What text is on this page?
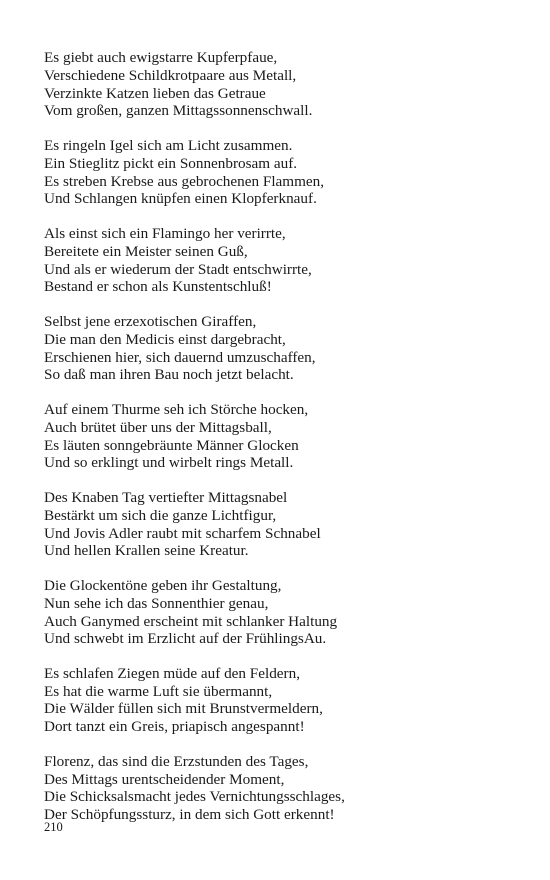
Es giebt auch ewigstarre Kupferpfaue,
Verschiedene Schildkrotpaare aus Metall,
Verzinkte Katzen lieben das Getraue
Vom großen, ganzen Mittagssonnenschwall.
Es ringeln Igel sich am Licht zusammen.
Ein Stieglitz pickt ein Sonnenbrosam auf.
Es streben Krebse aus gebrochenen Flammen,
Und Schlangen knüpfen einen Klopferknauf.
Als einst sich ein Flamingo her verirrte,
Bereitete ein Meister seinen Guß,
Und als er wiederum der Stadt entschwirrte,
Bestand er schon als Kunstentschluß!
Selbst jene erzexotischen Giraffen,
Die man den Medicis einst dargebracht,
Erschienen hier, sich dauernd umzuschaffen,
So daß man ihren Bau noch jetzt belacht.
Auf einem Thurme seh ich Störche hocken,
Auch brütet über uns der Mittagsball,
Es läuten sonngebräunte Männer Glocken
Und so erklingt und wirbelt rings Metall.
Des Knaben Tag vertiefter Mittagsnabel
Bestärkt um sich die ganze Lichtfigur,
Und Jovis Adler raubt mit scharfem Schnabel
Und hellen Krallen seine Kreatur.
Die Glockentöne geben ihr Gestaltung,
Nun sehe ich das Sonnenthier genau,
Auch Ganymed erscheint mit schlanker Haltung
Und schwebt im Erzlicht auf der FrühlingsAu.
Es schlafen Ziegen müde auf den Feldern,
Es hat die warme Luft sie übermannt,
Die Wälder füllen sich mit Brunstvermeldern,
Dort tanzt ein Greis, priapisch angespannt!
Florenz, das sind die Erzstunden des Tages,
Des Mittags urentscheidender Moment,
Die Schicksalsmacht jedes Vernichtungsschlages,
Der Schöpfungssturz, in dem sich Gott erkennt!
210
